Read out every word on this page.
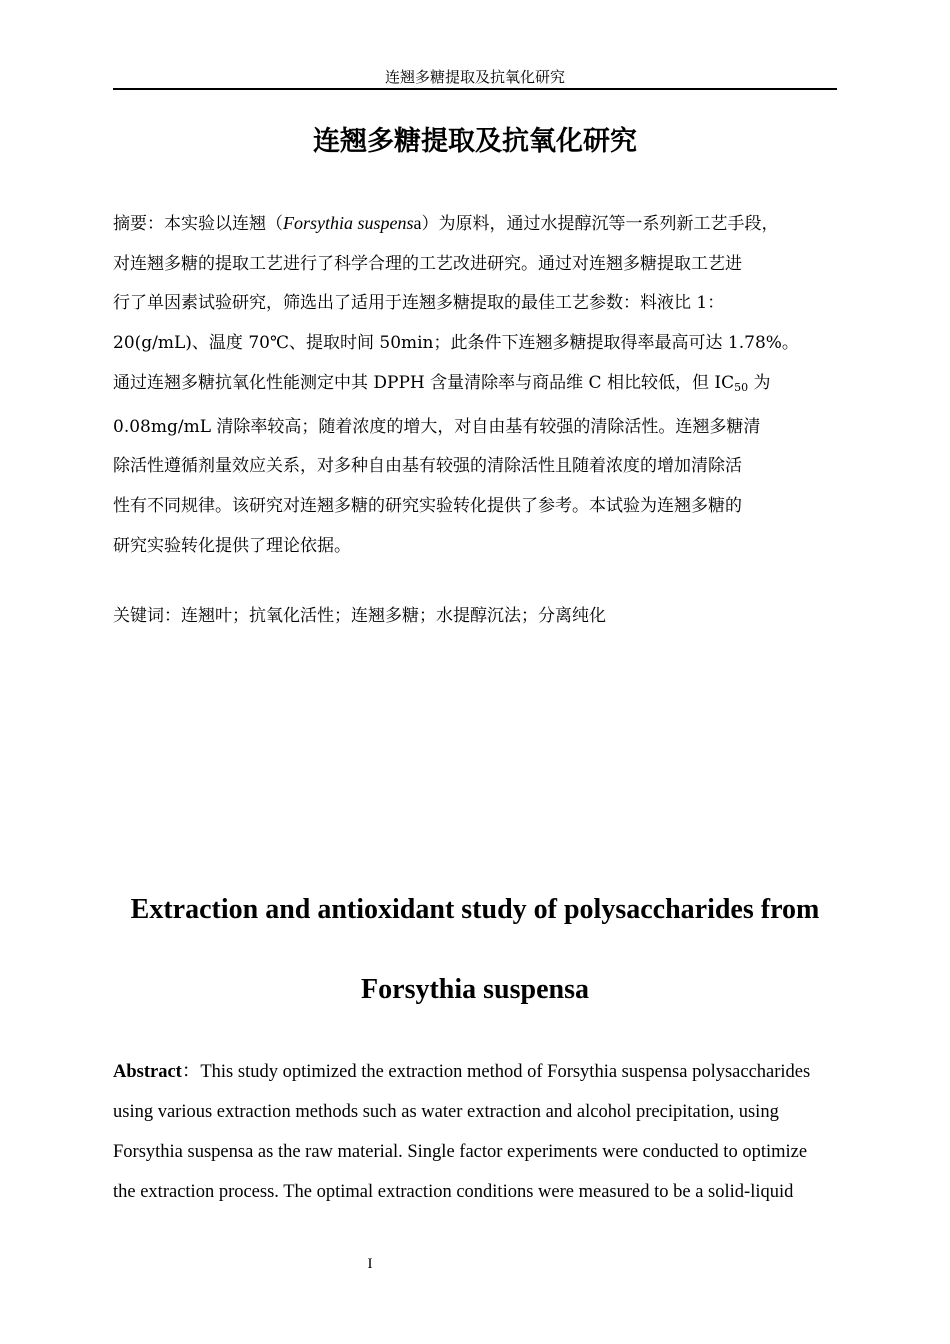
连翘多糖提取及抗氧化研究
连翘多糖提取及抗氧化研究
摘要：本实验以连翘（Forsythia suspensa）为原料，通过水提醇沉等一系列新工艺手段，
对连翘多糖的提取工艺进行了科学合理的工艺改进研究。通过对连翘多糖提取工艺进
行了单因素试验研究，筛选出了适用于连翘多糖提取的最佳工艺参数：料液比 1：
20(g/mL)、温度 70℃、提取时间 50min；此条件下连翘多糖提取得率最高可达 1.78%。
通过连翘多糖抗氧化性能测定中其 DPPH 含量清除率与商品维 C 相比较低，但 $IC_{50}$ 为
0.08mg/mL 清除率较高；随着浓度的增大，对自由基有较强的清除活性。连翘多糖清
除活性遵循剂量效应关系，对多种自由基有较强的清除活性且随着浓度的增加清除活
性有不同规律。该研究对连翘多糖的研究实验转化提供了参考。本试验为连翘多糖的
研究实验转化提供了理论依据。
关键词：连翘叶；抗氧化活性；连翘多糖；水提醇沉法；分离纯化
Extraction and antioxidant study of polysaccharides from
Forsythia suspensa
Abstract：This study optimized the extraction method of Forsythia suspensa polysaccharides
using various extraction methods such as water extraction and alcohol precipitation, using
Forsythia suspensa as the raw material. Single factor experiments were conducted to optimize
the extraction process. The optimal extraction conditions were measured to be a solid-liquid
I
